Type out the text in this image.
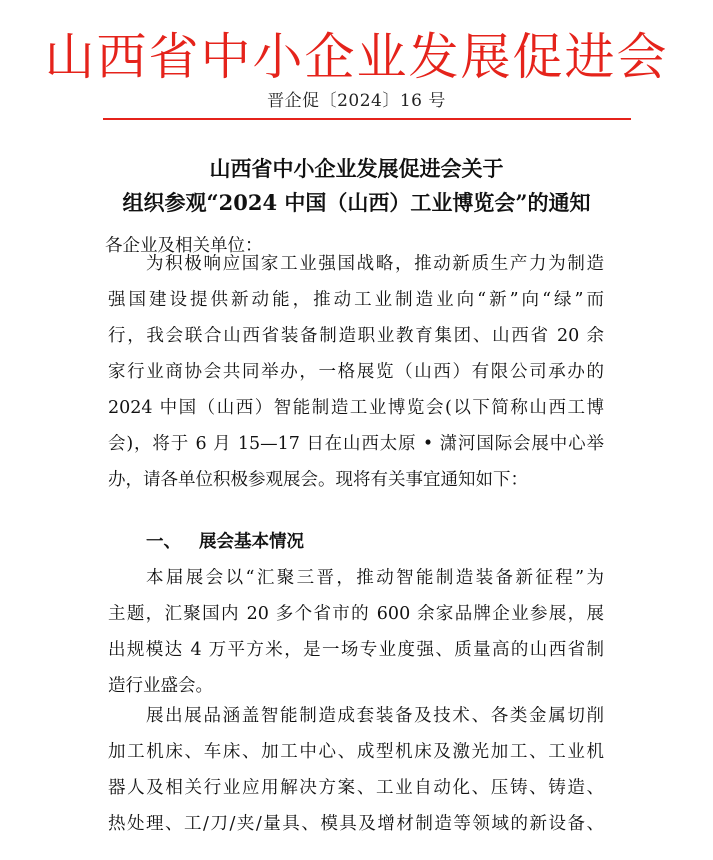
山西省中小企业发展促进会
晋企促〔2024〕16 号
山西省中小企业发展促进会关于
组织参观“2024 中国（山西）工业博览会”的通知
各企业及相关单位：
为积极响应国家工业强国战略，推动新质生产力为制造
强国建设提供新动能，推动工业制造业向“新”向“绿”而
行，我会联合山西省装备制造职业教育集团、山西省 20 余
家行业商协会共同举办，一格展览（山西）有限公司承办的
2024 中国（山西）智能制造工业博览会(以下简称山西工博
会)，将于 6 月 15—17 日在山西太原 • 潇河国际会展中心举
办，请各单位积极参观展会。现将有关事宜通知如下：
一、 展会基本情况
本届展会以“汇聚三晋，推动智能制造装备新征程”为
主题，汇聚国内 20 多个省市的 600 余家品牌企业参展，展
出规模达 4 万平方米，是一场专业度强、质量高的山西省制
造行业盛会。
展出展品涵盖智能制造成套装备及技术、各类金属切削
加工机床、车床、加工中心、成型机床及激光加工、工业机
器人及相关行业应用解决方案、工业自动化、压铸、铸造、
热处理、工/刀/夹/量具、模具及增材制造等领域的新设备、
